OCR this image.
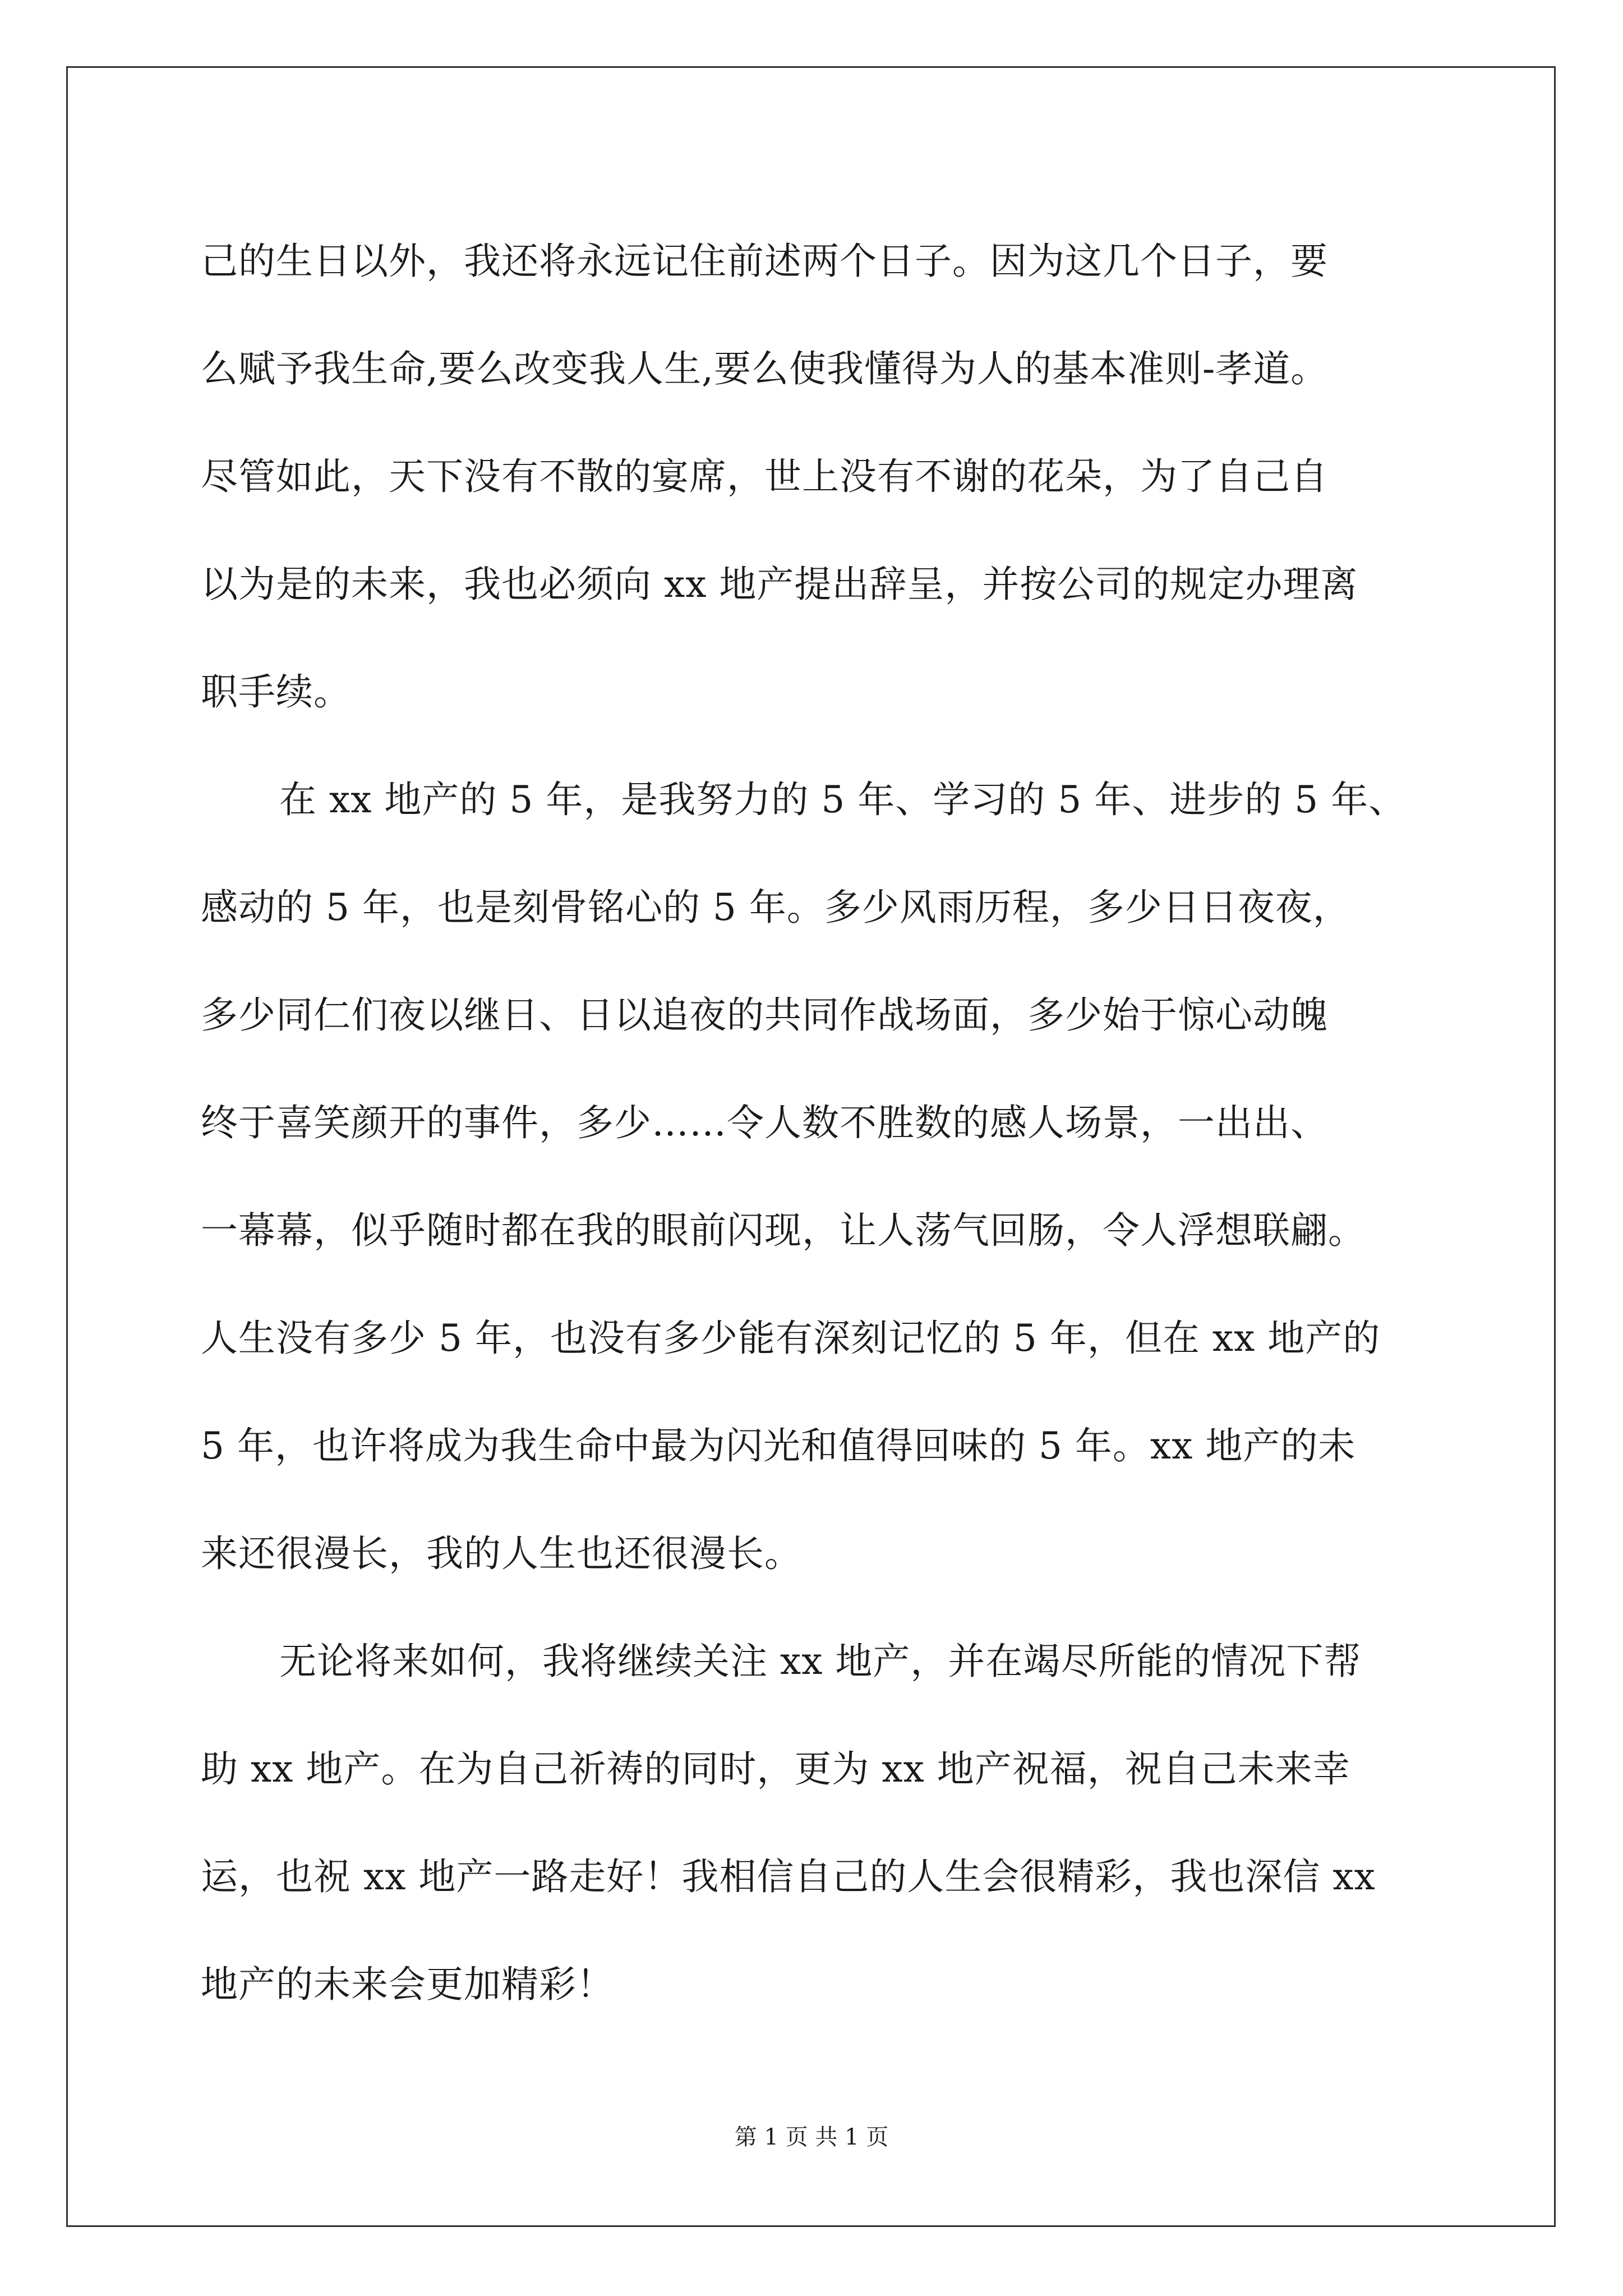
己的生日以外，我还将永远记住前述两个日子。因为这几个日子，要
么赋予我生命,要么改变我人生,要么使我懂得为人的基本准则-孝道。
尽管如此，天下没有不散的宴席，世上没有不谢的花朵，为了自己自
以为是的未来，我也必须向 xx 地产提出辞呈，并按公司的规定办理离
职手续。
在 xx 地产的 5 年，是我努力的 5 年、学习的 5 年、进步的 5 年、
感动的 5 年，也是刻骨铭心的 5 年。多少风雨历程，多少日日夜夜，
多少同仁们夜以继日、日以追夜的共同作战场面，多少始于惊心动魄
终于喜笑颜开的事件，多少……令人数不胜数的感人场景，一出出、
一幕幕，似乎随时都在我的眼前闪现，让人荡气回肠，令人浮想联翩。
人生没有多少 5 年，也没有多少能有深刻记忆的 5 年，但在 xx 地产的
5 年，也许将成为我生命中最为闪光和值得回味的 5 年。xx 地产的未
来还很漫长，我的人生也还很漫长。
无论将来如何，我将继续关注 xx 地产，并在竭尽所能的情况下帮
助 xx 地产。在为自己祈祷的同时，更为 xx 地产祝福，祝自己未来幸
运，也祝 xx 地产一路走好！我相信自己的人生会很精彩，我也深信 xx
地产的未来会更加精彩！
第 1 页 共 1 页
